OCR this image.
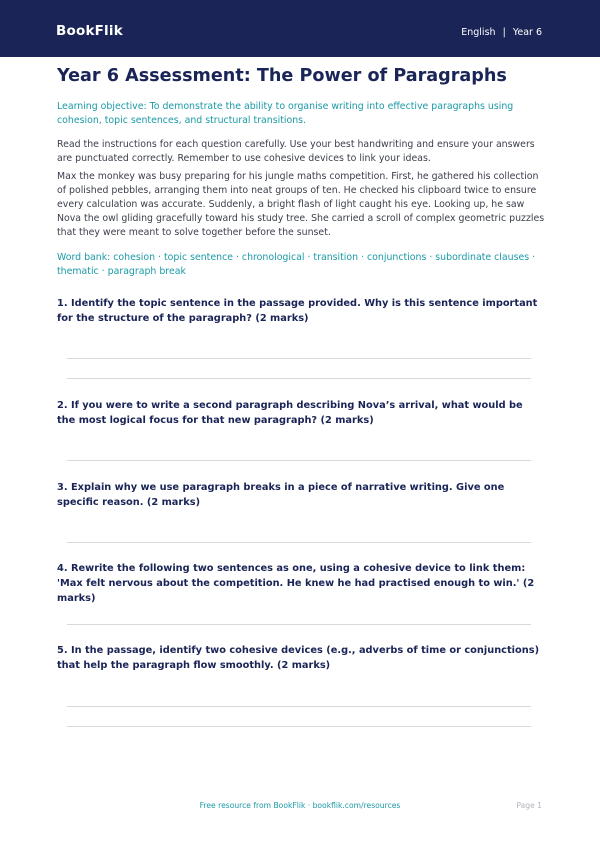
BookFlik	English | Year 6
Year 6 Assessment: The Power of Paragraphs
Learning objective: To demonstrate the ability to organise writing into effective paragraphs using cohesion, topic sentences, and structural transitions.
Read the instructions for each question carefully. Use your best handwriting and ensure your answers are punctuated correctly. Remember to use cohesive devices to link your ideas.
Max the monkey was busy preparing for his jungle maths competition. First, he gathered his collection of polished pebbles, arranging them into neat groups of ten. He checked his clipboard twice to ensure every calculation was accurate. Suddenly, a bright flash of light caught his eye. Looking up, he saw Nova the owl gliding gracefully toward his study tree. She carried a scroll of complex geometric puzzles that they were meant to solve together before the sunset.
Word bank: cohesion · topic sentence · chronological · transition · conjunctions · subordinate clauses · thematic · paragraph break
1. Identify the topic sentence in the passage provided. Why is this sentence important for the structure of the paragraph? (2 marks)
2. If you were to write a second paragraph describing Nova’s arrival, what would be the most logical focus for that new paragraph? (2 marks)
3. Explain why we use paragraph breaks in a piece of narrative writing. Give one specific reason. (2 marks)
4. Rewrite the following two sentences as one, using a cohesive device to link them: 'Max felt nervous about the competition. He knew he had practised enough to win.' (2 marks)
5. In the passage, identify two cohesive devices (e.g., adverbs of time or conjunctions) that help the paragraph flow smoothly. (2 marks)
Free resource from BookFlik · bookflik.com/resources	Page 1
